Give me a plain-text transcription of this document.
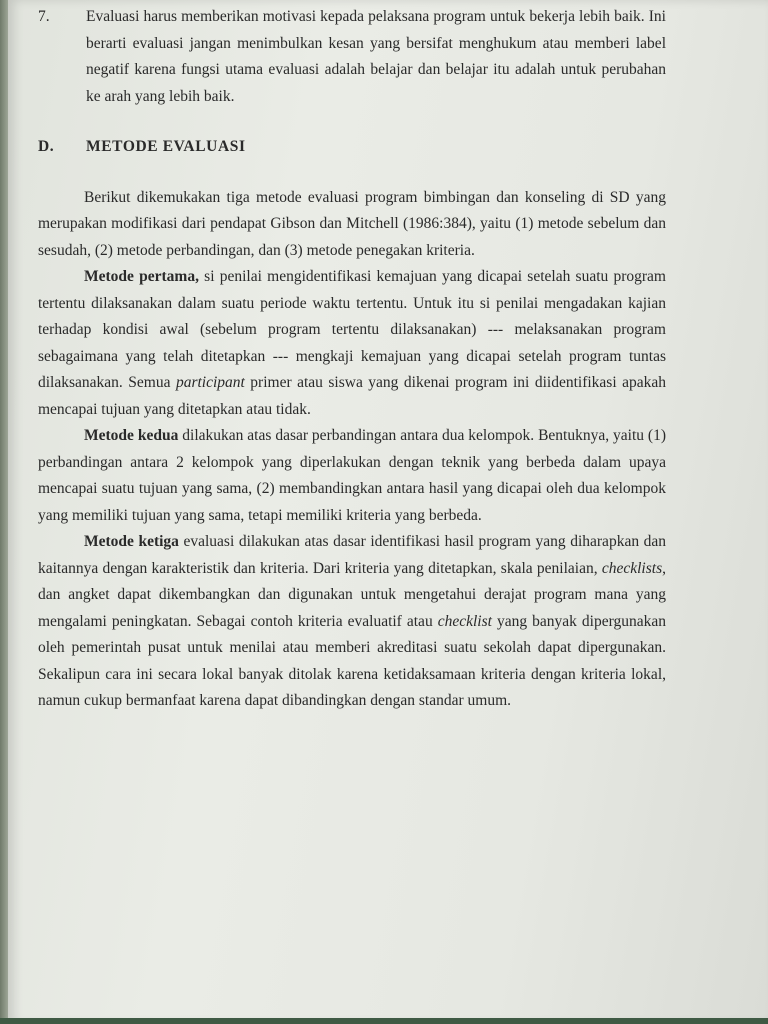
7.	Evaluasi harus memberikan motivasi kepada pelaksana program untuk bekerja lebih baik. Ini berarti evaluasi jangan menimbulkan kesan yang bersifat menghukum atau memberi label negatif karena fungsi utama evaluasi adalah belajar dan belajar itu adalah untuk perubahan ke arah yang lebih baik.
D.	METODE EVALUASI

Berikut dikemukakan tiga metode evaluasi program bimbingan dan konseling di SD yang merupakan modifikasi dari pendapat Gibson dan Mitchell (1986:384), yaitu (1) metode sebelum dan sesudah, (2) metode perbandingan, dan (3) metode penegakan kriteria.

Metode pertama, si penilai mengidentifikasi kemajuan yang dicapai setelah suatu program tertentu dilaksanakan dalam suatu periode waktu tertentu. Untuk itu si penilai mengadakan kajian terhadap kondisi awal (sebelum program tertentu dilaksanakan) --- melaksanakan program sebagaimana yang telah ditetapkan --- mengkaji kemajuan yang dicapai setelah program tuntas dilaksanakan. Semua participant primer atau siswa yang dikenai program ini diidentifikasi apakah mencapai tujuan yang ditetapkan atau tidak.

Metode kedua dilakukan atas dasar perbandingan antara dua kelompok. Bentuknya, yaitu (1) perbandingan antara 2 kelompok yang diperlakukan dengan teknik yang berbeda dalam upaya mencapai suatu tujuan yang sama, (2) membandingkan antara hasil yang dicapai oleh dua kelompok yang memiliki tujuan yang sama, tetapi memiliki kriteria yang berbeda.

Metode ketiga evaluasi dilakukan atas dasar identifikasi hasil program yang diharapkan dan kaitannya dengan karakteristik dan kriteria. Dari kriteria yang ditetapkan, skala penilaian, checklists, dan angket dapat dikembangkan dan digunakan untuk mengetahui derajat program mana yang mengalami peningkatan. Sebagai contoh kriteria evaluatif atau checklist yang banyak dipergunakan oleh pemerintah pusat untuk menilai atau memberi akreditasi suatu sekolah dapat dipergunakan. Sekalipun cara ini secara lokal banyak ditolak karena ketidaksamaan kriteria dengan kriteria lokal, namun cukup bermanfaat karena dapat dibandingkan dengan standar umum.
